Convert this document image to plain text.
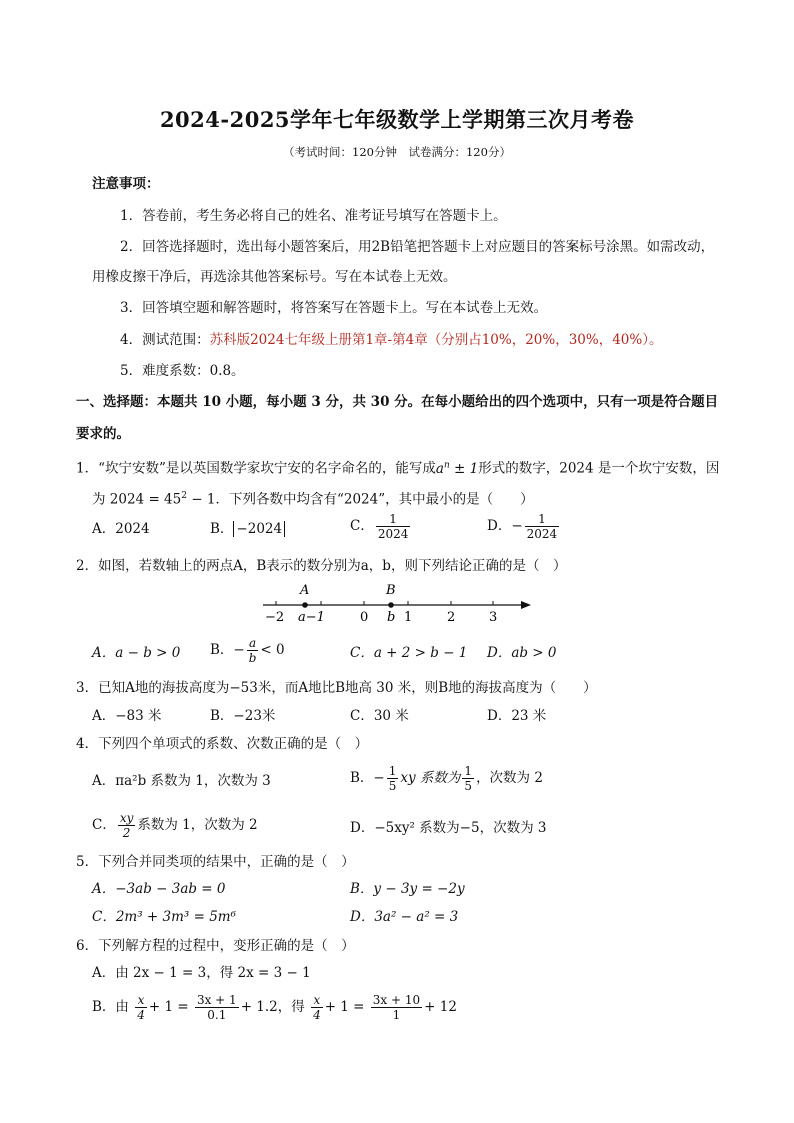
2024-2025学年七年级数学上学期第三次月考卷
（考试时间：120分钟　试卷满分：120分）
注意事项：
1．答卷前，考生务必将自己的姓名、准考证号填写在答题卡上。
2．回答选择题时，选出每小题答案后，用2B铅笔把答题卡上对应题目的答案标号涂黑。如需改动，
用橡皮擦干净后，再选涂其他答案标号。写在本试卷上无效。
3．回答填空题和解答题时，将答案写在答题卡上。写在本试卷上无效。
4．测试范围：苏科版2024七年级上册第1章-第4章（分别占10%，20%，30%，40%）。
5．难度系数：0.8。
一、选择题：本题共 10 小题，每小题 3 分，共 30 分。在每小题给出的四个选项中，只有一项是符合题目
要求的。
1．“坎宁安数”是以英国数学家坎宁安的名字命名的，能写成$a^n \pm 1$形式的数字，2024 是一个坎宁安数，因
为 $2024 = 45^2 - 1$．下列各数中均含有“2024”，其中最小的是（　　）
A．2024	B． −2024	C． $\frac{1}{2024}$	D．− $\frac{1}{2024}$
2．如图，若数轴上的两点A，B表示的数分别为a，b，则下列结论正确的是（　）
A	B
−2 a−1	0 b 1	2	3
A．a − b > 0 B．− $\frac{a}{b} < 0$	C．a + 2 > b − 1 D．ab > 0
3．已知A地的海拔高度为−53米，而A地比B地高 30 米，则B地的海拔高度为（　　）
A．−83 米	B．−23米	C．30 米	D．23 米
4．下列四个单项式的系数、次数正确的是（　）
A．πa²b 系数为 1，次数为 3	B．− $\frac{1}{5}$ xy 系数为 $\frac{1}{5}$ ，次数为 2
C． $\frac{xy}{2}$ 系数为 1，次数为 2	D．−5xy² 系数为−5，次数为 3
5．下列合并同类项的结果中，正确的是（　）
A．−3ab − 3ab = 0	B．y − 3y = −2y
C．2m³ + 3m³ = 5m⁶	D．3a² − a² = 3
6．下列解方程的过程中，变形正确的是（　）
A．由 2x − 1 = 3，得 2x = 3 − 1
B．由 $\frac{x}{4} + 1 = \frac{3x + 1}{0.1} + 1.2$，得 $\frac{x}{4} + 1 = \frac{3x + 10}{1} + 12$
